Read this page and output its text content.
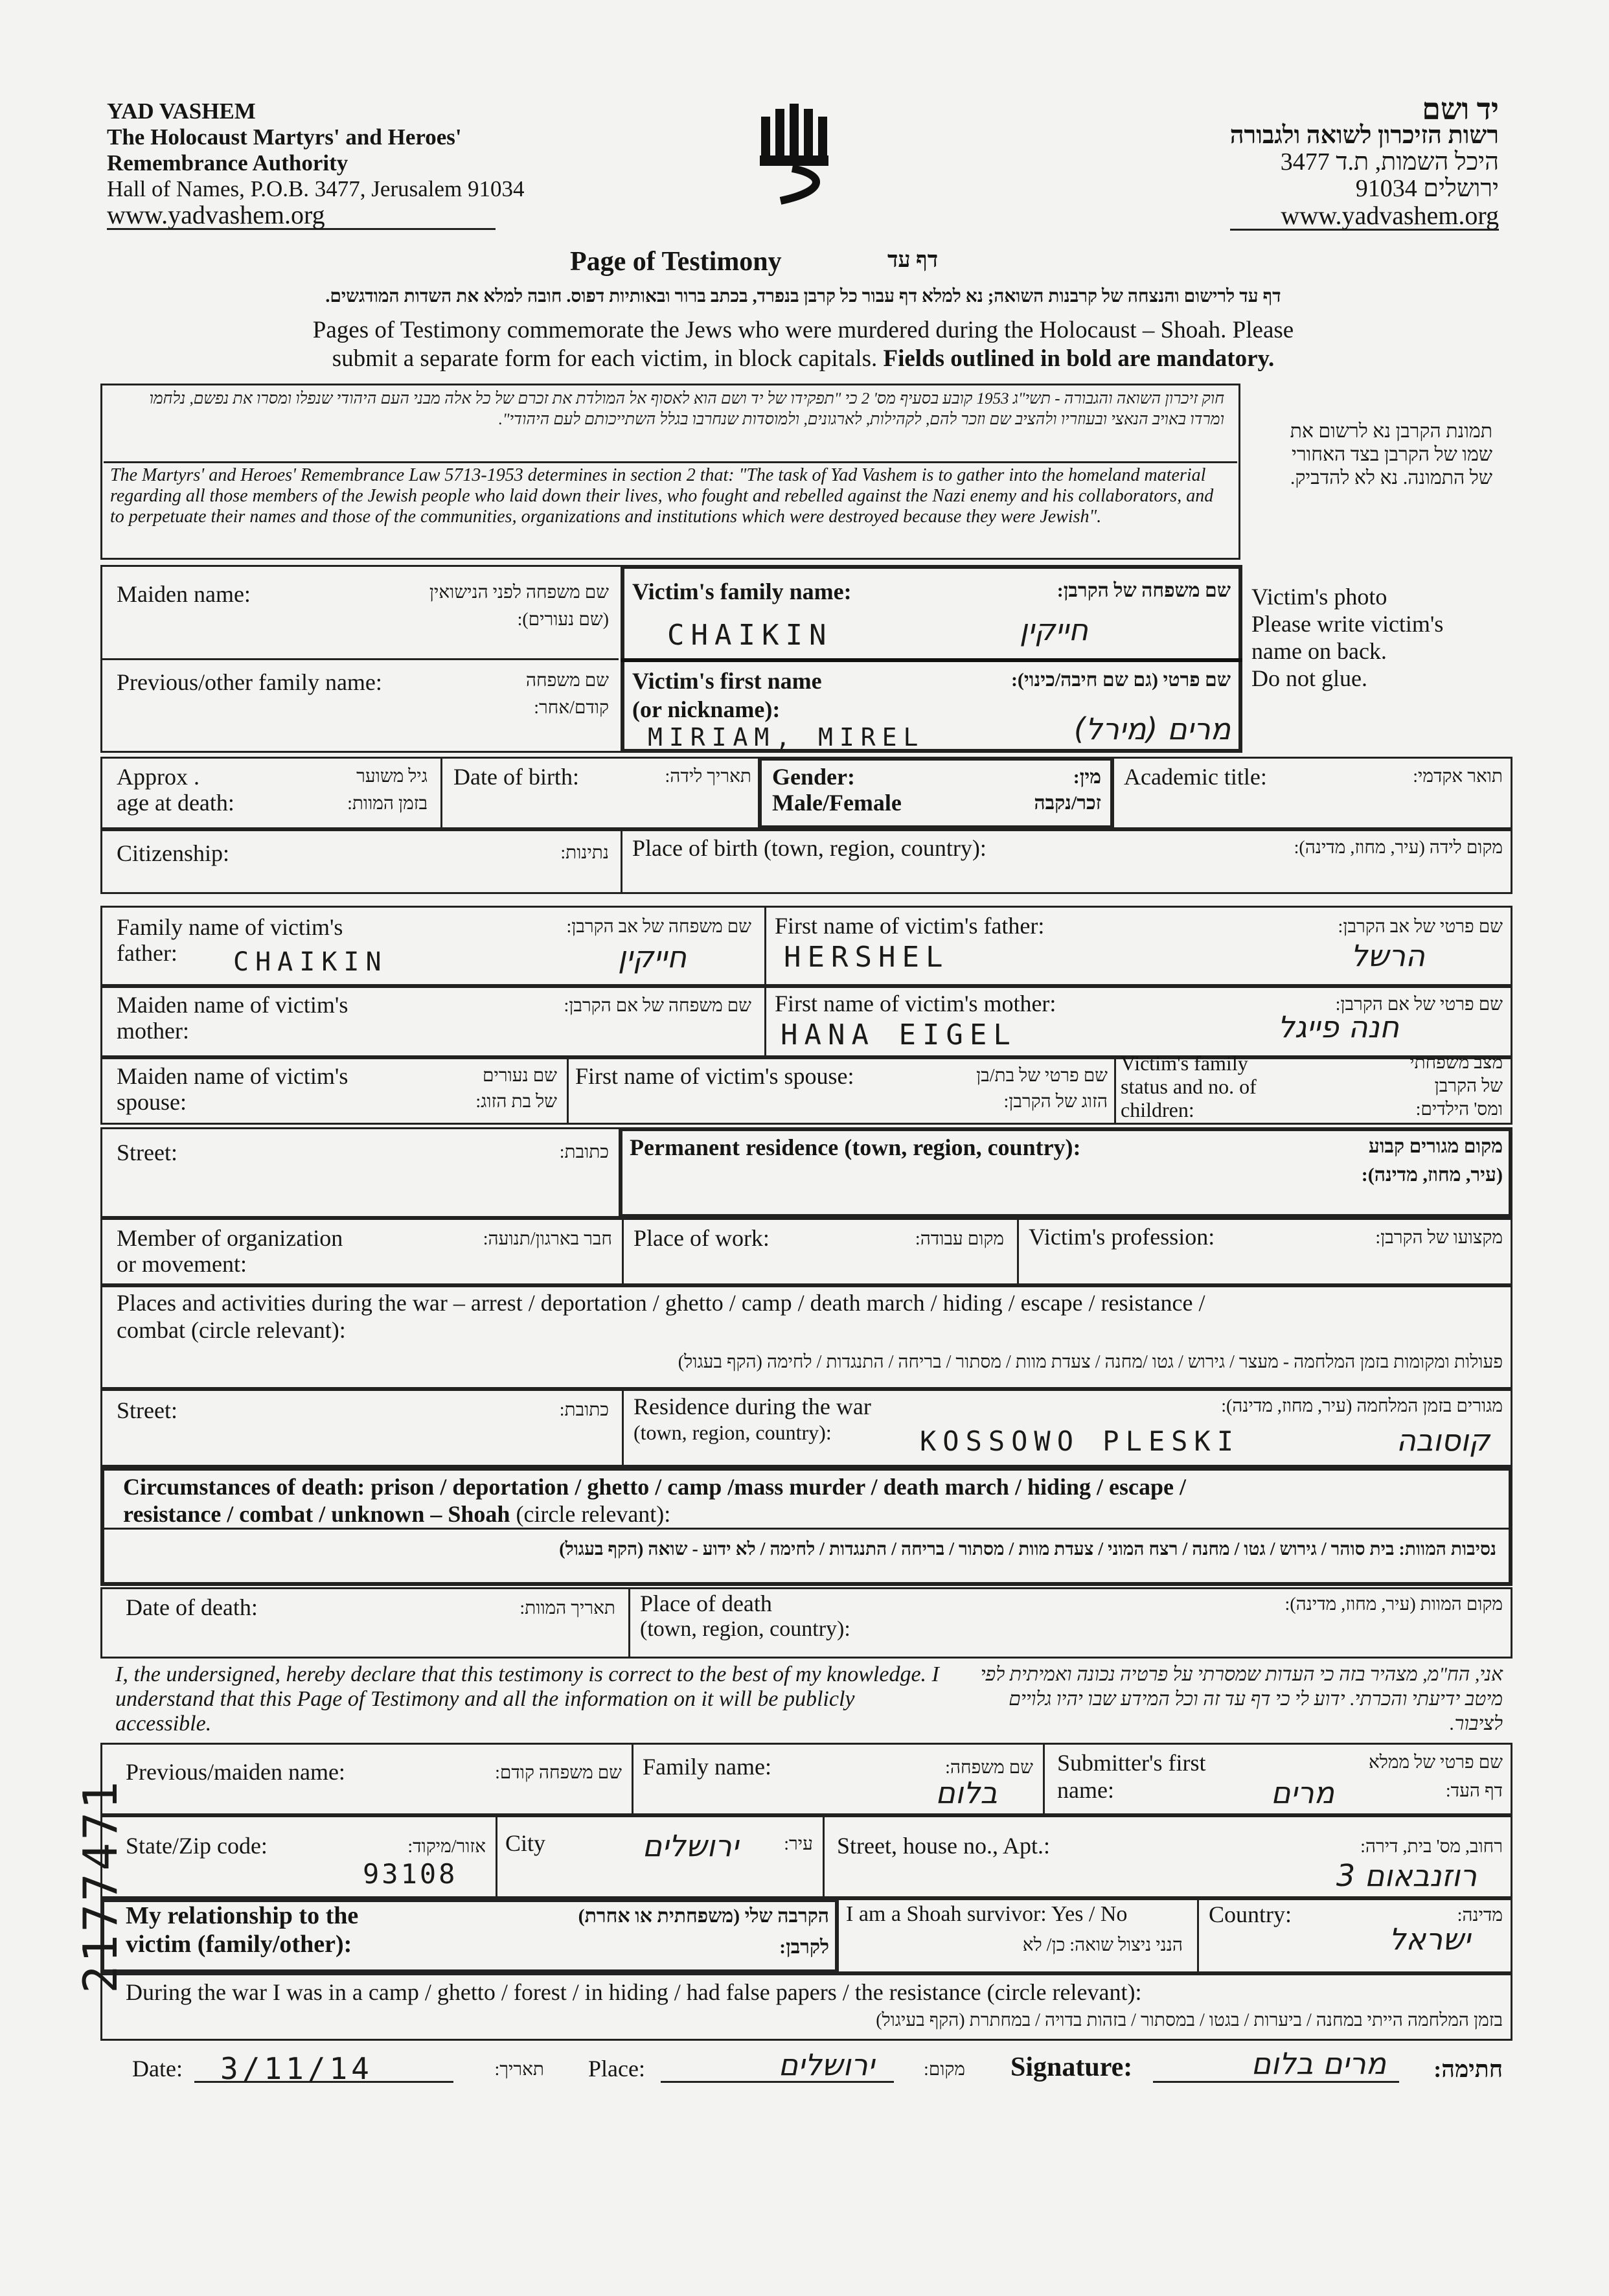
YAD VASHEM
The Holocaust Martyrs' and Heroes'
Remembrance Authority
Hall of Names, P.O.B. 3477, Jerusalem 91034
www.yadvashem.org
יד ושם
רשות הזיכרון לשואה ולגבורה
היכל השמות, ת.ד 3477
ירושלים 91034
www.yadvashem.org
Page of Testimony	דף עד
דף עד לרישום והנצחה של קרבנות השואה; נא למלא דף עבור כל קרבן בנפרד, בכתב ברור ובאותיות דפוס. חובה למלא את השדות המודגשים.
Pages of Testimony commemorate the Jews who were murdered during the Holocaust – Shoah. Please
submit a separate form for each victim, in block capitals. Fields outlined in bold are mandatory.
חוק זיכרון השואה והגבורה - תשי"ג 1953 קובע בסעיף מס' 2 כי "תפקידו של יד ושם הוא לאסוף אל המולדת את זכרם של כל אלה מבני העם היהודי שנפלו ומסרו את נפשם, נלחמו ומרדו באויב הנאצי ובעוזריו ולהציב שם וזכר להם, לקהילות, לארגונים, ולמוסדות שנחרבו בגלל השתייכותם לעם היהודי".
The Martyrs' and Heroes' Remembrance Law 5713-1953 determines in section 2 that: "The task of Yad Vashem is to gather into the homeland material regarding all those members of the Jewish people who laid down their lives, who fought and rebelled against the Nazi enemy and his collaborators, and to perpetuate their names and those of the communities, organizations and institutions which were destroyed because they were Jewish".
תמונת הקרבן נא לרשום את שמו של הקרבן בצד האחורי של התמונה. נא לא להדביק.
Victim's photo
Please write victim's
name on back.
Do not glue.
Maiden name:	שם משפחה לפני הנישואין
(שם נעורים):
Victim's family name:	שם משפחה של הקרבן:
CHAIKIN	חייקין
Previous/other family name:	שם משפחה
קודם/אחר:
Victim's first name
(or nickname):
שם פרטי (גם שם חיבה/כינוי):
MIRIAM, MIREL	מרים (מירל)
Approx .
age at death:
גיל משוער
בזמן המוות:
Date of birth:	תאריך לידה: Gender:
Male/Female
מין:
זכר/נקבה
Academic title:	תואר אקדמי:
Citizenship:	נתינות: Place of birth (town, region, country):	מקום לידה (עיר, מחוז, מדינה):
Family name of victim's
father:
שם משפחה של אב הקרבן:
CHAIKIN	חייקין
First name of victim's father:	שם פרטי של אב הקרבן:
HERSHEL	הרשל
Maiden name of victim's
mother:
שם משפחה של אם הקרבן: First name of victim's mother:	שם פרטי של אם הקרבן:
HANA EIGEL	חנה פייגל
Maiden name of victim's
spouse:
שם נעורים
של בת הזוג:
First name of victim's spouse:	שם פרטי של בת/בן
הזוג של הקרבן:
Victim's family
status and no. of
children:
מצב משפחתי
של הקרבן
ומס' הילדים:
Street:	כתובת: Permanent residence (town, region, country):	מקום מגורים קבוע
(עיר, מחוז, מדינה):
Member of organization
or movement:
חבר בארגון/תנועה: Place of work:	מקום עבודה: Victim's profession:	מקצועו של הקרבן:
Places and activities during the war – arrest / deportation / ghetto / camp / death march / hiding / escape / resistance /
combat (circle relevant):
פעולות ומקומות בזמן המלחמה - מעצר / גירוש / גטו /מחנה / צעדת מוות / מסתור / בריחה / התנגדות / לחימה (הקף בעגול)
Street:	כתובת: Residence during the war
(town, region, country):
מגורים בזמן המלחמה (עיר, מחוז, מדינה):
KOSSOWO PLESKI	קוסובה
Circumstances of death: prison / deportation / ghetto / camp /mass murder / death march / hiding / escape /
resistance / combat / unknown – Shoah (circle relevant):
נסיבות המוות: בית סוהר / גירוש / גטו / מחנה / רצח המוני / צעדת מוות / מסתור / בריחה / התנגדות / לחימה / לא ידוע - שואה (הקף בעגול)
Date of death:	תאריך המוות: Place of death
(town, region, country):
מקום המוות (עיר, מחוז, מדינה):
I, the undersigned, hereby declare that this testimony is correct to the best of my knowledge. I understand that this Page of Testimony and all the information on it will be publicly accessible.
אני, הח"מ, מצהיר בזה כי העדות שמסרתי על פרטיה נכונה ואמיתית לפי מיטב ידיעתי והכרתי. ידוע לי כי דף עד זה וכל המידע שבו יהיו גלויים לציבור.
Previous/maiden name:	שם משפחה קודם: Family name:	שם משפחה:
בלום
Submitter's first
name:
שם פרטי של ממלא
דף העד:
מרים
State/Zip code:	אזור/מיקוד:
93108
City	עיר:
ירושלים	Street, house no., Apt.:	רחוב, מס' בית, דירה:
רוזנבאום 3
My relationship to the
victim (family/other):
הקרבה שלי (משפחתית או אחרת)
לקרבן:
I am a Shoah survivor: Yes / No
הנני ניצול שואה: כן/ לא
Country:	מדינה:
ישראל
During the war I was in a camp / ghetto / forest / in hiding / had false papers / the resistance (circle relevant):
בזמן המלחמה הייתי במחנה / ביערות / בגטו / במסתור / בזהות בדויה / במחתרת (הקף בעיגול)
Date: 3/11/14	תאריך: Place:	ירושלים	מקום: Signature:	מרים בלום	חתימה:
2177471
